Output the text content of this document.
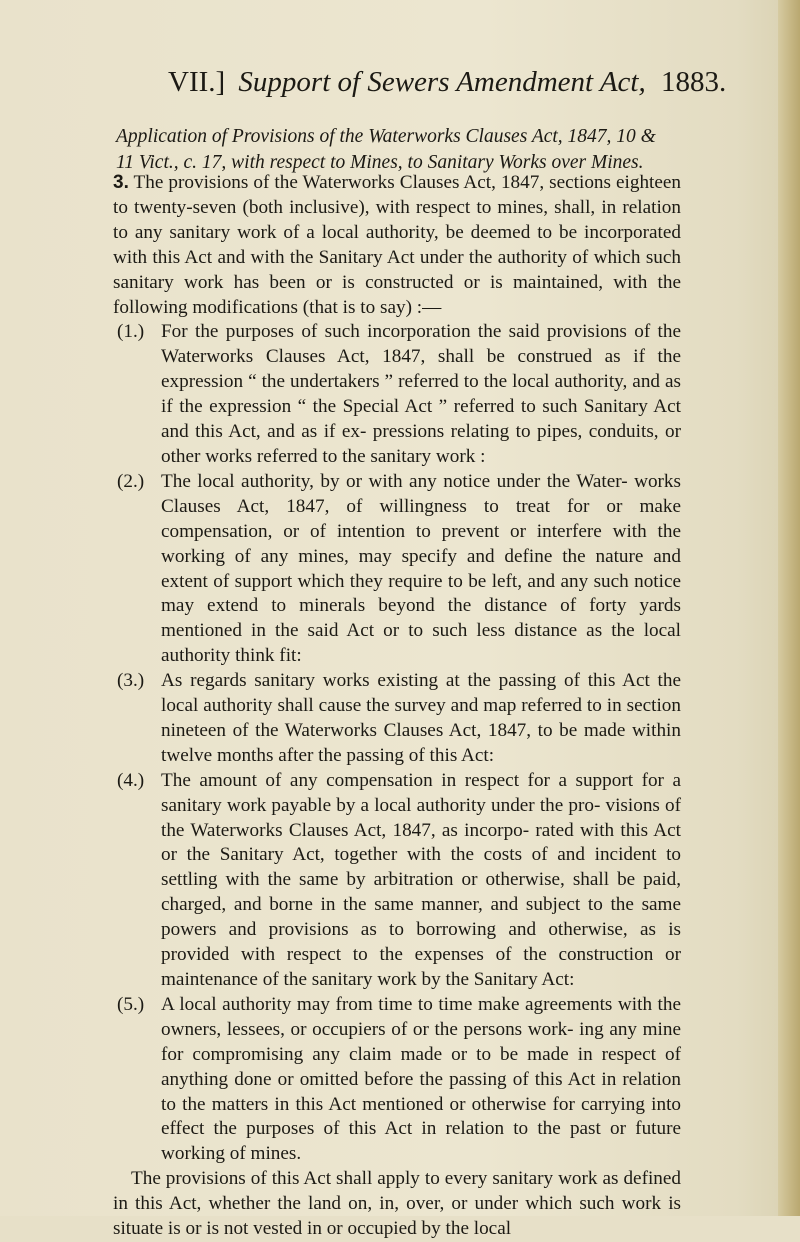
VII.] Support of Sewers Amendment Act, 1883.
Application of Provisions of the Waterworks Clauses Act, 1847, 10 & 11 Vict., c. 17, with respect to Mines, to Sanitary Works over Mines.

3. The provisions of the Waterworks Clauses Act, 1847, sections eighteen to twenty-seven (both inclusive), with respect to mines, shall, in relation to any sanitary work of a local authority, be deemed to be incorporated with this Act and with the Sanitary Act under the authority of which such sanitary work has been or is constructed or is maintained, with the following modifications (that is to say) :—

(1.) For the purposes of such incorporation the said provisions of the Waterworks Clauses Act, 1847, shall be construed as if the expression “ the undertakers ” referred to the local authority, and as if the expression “ the Special Act ” referred to such Sanitary Act and this Act, and as if ex- pressions relating to pipes, conduits, or other works referred to the sanitary work :

(2.) The local authority, by or with any notice under the Water- works Clauses Act, 1847, of willingness to treat for or make compensation, or of intention to prevent or interfere with the working of any mines, may specify and define the nature and extent of support which they require to be left, and any such notice may extend to minerals beyond the distance of forty yards mentioned in the said Act or to such less distance as the local authority think fit:

(3.) As regards sanitary works existing at the passing of this Act the local authority shall cause the survey and map referred to in section nineteen of the Waterworks Clauses Act, 1847, to be made within twelve months after the passing of this Act:

(4.) The amount of any compensation in respect for a support for a sanitary work payable by a local authority under the pro- visions of the Waterworks Clauses Act, 1847, as incorpo- rated with this Act or the Sanitary Act, together with the costs of and incident to settling with the same by arbitration or otherwise, shall be paid, charged, and borne in the same manner, and subject to the same powers and provisions as to borrowing and otherwise, as is provided with respect to the expenses of the construction or maintenance of the sanitary work by the Sanitary Act:

(5.) A local authority may from time to time make agreements with the owners, lessees, or occupiers of or the persons work- ing any mine for compromising any claim made or to be made in respect of anything done or omitted before the passing of this Act in relation to the matters in this Act mentioned or otherwise for carrying into effect the purposes of this Act in relation to the past or future working of mines.

The provisions of this Act shall apply to every sanitary work as defined in this Act, whether the land on, in, over, or under which such work is situate is or is not vested in or occupied by the local
